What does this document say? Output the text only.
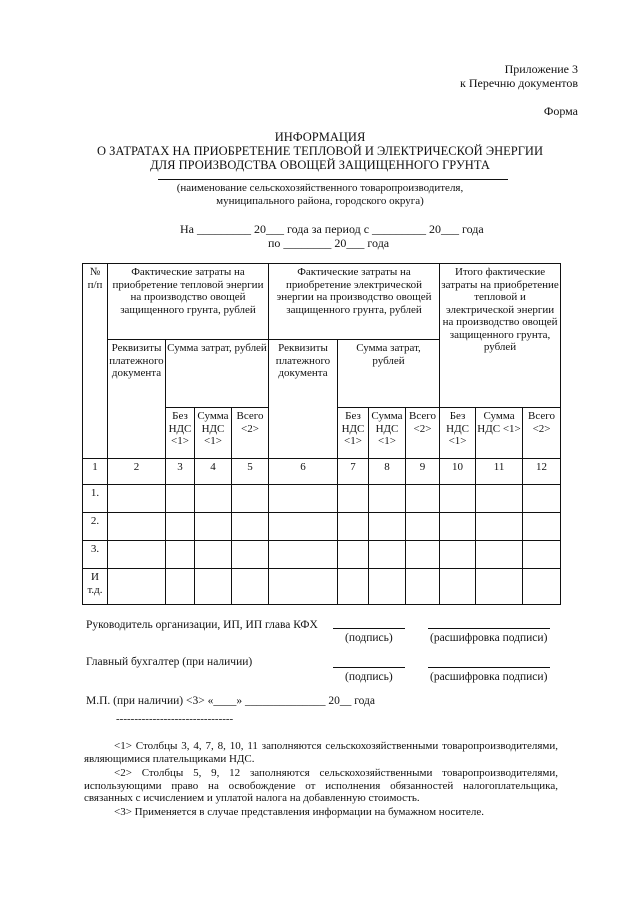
Приложение 3
к Перечню документов
Форма
ИНФОРМАЦИЯ
О ЗАТРАТАХ НА ПРИОБРЕТЕНИЕ ТЕПЛОВОЙ И ЭЛЕКТРИЧЕСКОЙ ЭНЕРГИИ
ДЛЯ ПРОИЗВОДСТВА ОВОЩЕЙ ЗАЩИЩЕННОГО ГРУНТА
(наименование сельскохозяйственного товаропроизводителя,
муниципального района, городского округа)
На _________ 20___ года за период с _________ 20___ года
по ________ 20___ года
№ п/п	Фактические затраты на приобретение тепловой энергии на производство овощей защищенного грунта, рублей				Фактические затраты на приобретение электрической энергии на производство овощей защищенного грунта, рублей				Итого фактические затраты на приобретение тепловой и электрической энергии на производство овощей защищенного грунта, рублей		
	Реквизиты платежного документа	Сумма затрат, рублей			Реквизиты платежного документа	Сумма затрат, рублей					
		Без НДС <1>	Сумма НДС <1>	Всего <2>		Без НДС <1>	Сумма НДС <1>	Всего <2>	Без НДС <1>	Сумма НДС <1>	Всего <2>
1	2	3	4	5	6	7	8	9	10	11	12
1.											
2.											
3.											
И т.д.											
Руководитель организации, ИП, ИП глава КФХ
(подпись)	(расшифровка подписи)
Главный бухгалтер (при наличии)
(подпись)	(расшифровка подписи)
М.П. (при наличии) <3> «____» ______________ 20__ года
--------------------------------
<1> Столбцы 3, 4, 7, 8, 10, 11 заполняются сельскохозяйственными товаропроизводителями, являющимися плательщиками НДС.
<2> Столбцы 5, 9, 12 заполняются сельскохозяйственными товаропроизводителями, использующими право на освобождение от исполнения обязанностей налогоплательщика, связанных с исчислением и уплатой налога на добавленную стоимость.
<3> Применяется в случае представления информации на бумажном носителе.
